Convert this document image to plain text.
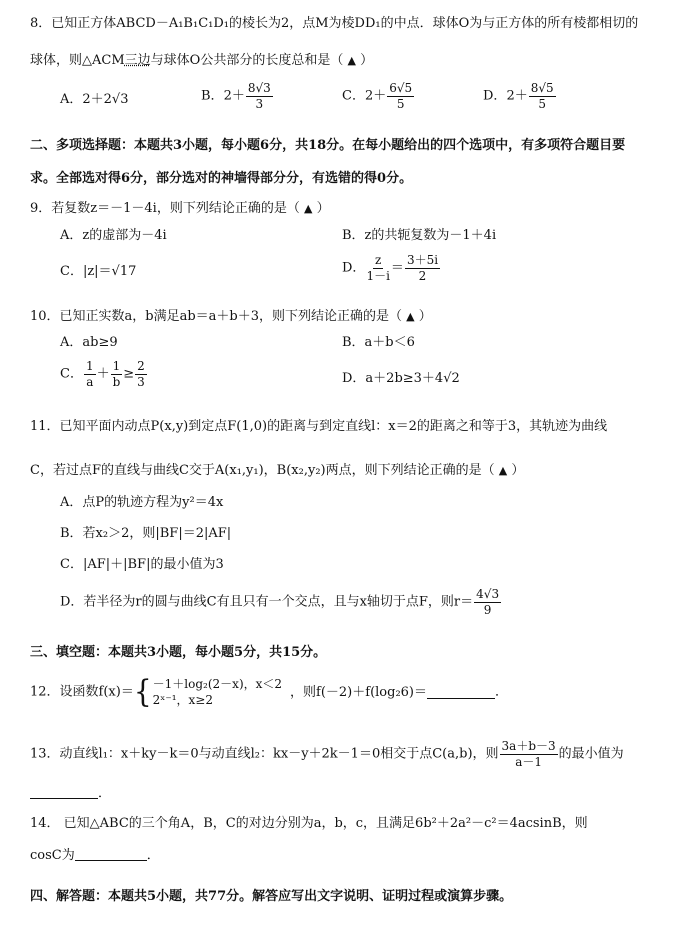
8．已知正方体ABCD－A₁B₁C₁D₁的棱长为2，点M为棱DD₁的中点．球体O为与正方体的所有棱都相切的
球体，则△ACM三边与球体O公共部分的长度总和是（ ▲ ）
A．2＋2√3	B．$2+ \frac{8√3}{3}$	C．$2+ \frac{6√5}{5}$	D．$2+ \frac{8√5}{5}$
二、多项选择题：本题共3小题，每小题6分，共18分。在每小题给出的四个选项中，有多项符合题目要
求。全部选对得6分，部分选对的神墙得部分分，有选错的得0分。
9．若复数z＝－1－4i，则下列结论正确的是（ ▲ ）
A．z的虚部为－4i	B．z的共轭复数为－1＋4i
C．|z|＝√17	D． $\frac{z}{1-i} = \frac{3+5i}{2}$
10．已知正实数a，b满足ab＝a＋b＋3，则下列结论正确的是（ ▲ ）
A．ab≥9	B．a＋b＜6
C． $\frac{1}{a} + \frac{1}{b} \ge \frac{2}{3}$	D．a＋2b≥3＋4√2
11．已知平面内动点P(x,y)到定点F(1,0)的距离与到定直线l：x＝2的距离之和等于3，其轨迹为曲线
C，若过点F的直线与曲线C交于A(x₁,y₁)，B(x₂,y₂)两点，则下列结论正确的是（ ▲ ）
A．点P的轨迹方程为y²＝4x
B．若x₂＞2，则|BF|＝2|AF|
C．|AF|＋|BF|的最小值为3
D．若半径为r的圆与曲线C有且只有一个交点，且与x轴切于点F，则$r= \frac{4√3}{9}$
三、填空题：本题共3小题，每小题5分，共15分。
12．设函数f(x)＝{ －1＋log₂(2－x)，x＜2
2ˣ⁻¹，x≥2
，则f(－2)＋f(log₂6)＝	．
13．动直线l₁：x＋ky－k＝0与动直线l₂：kx－y＋2k－1＝0相交于点C(a,b)，则 $\frac{3a+b-3}{a-1}$ 的最小值为
．
14． 已知△ABC的三个角A，B，C的对边分别为a，b，c，且满足6b²＋2a²－c²＝4acsinB，则
cosC为	．
四、解答题：本题共5小题，共77分。解答应写出文字说明、证明过程或演算步骤。
